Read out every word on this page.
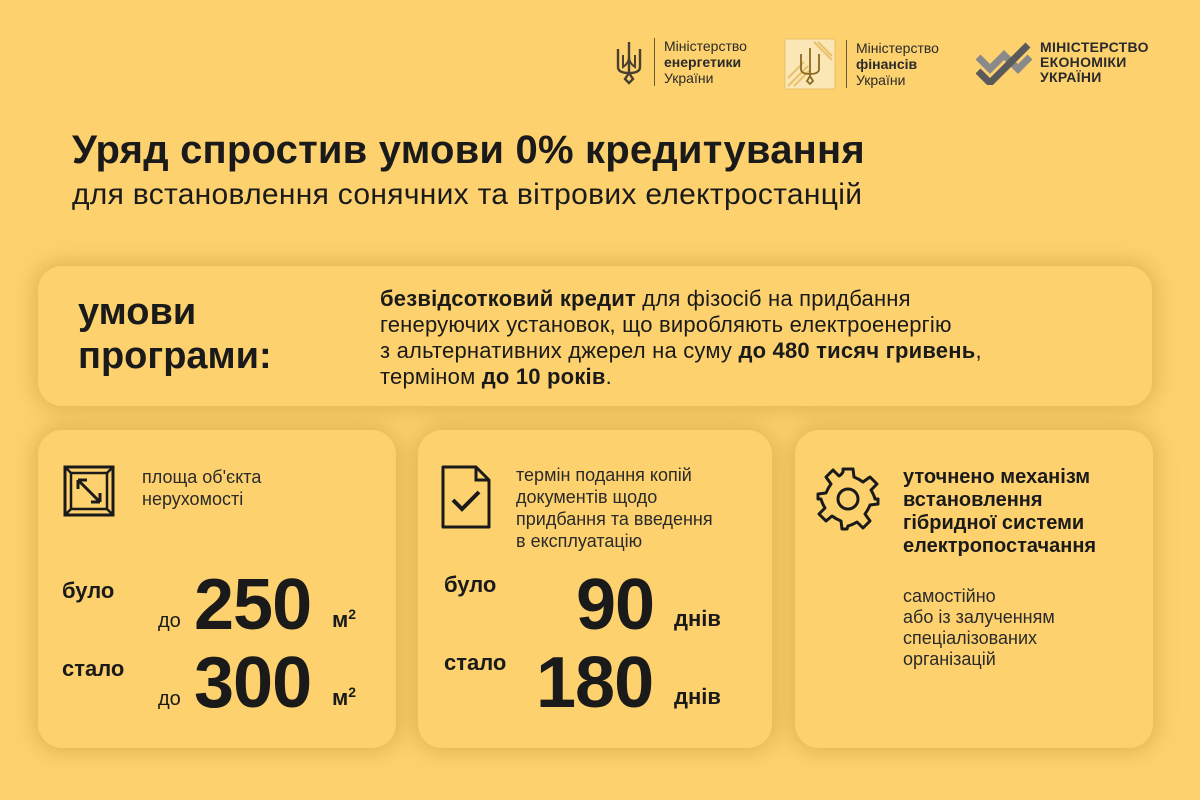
Міністерство
енергетики
України
Міністерство
фінансів
України
МІНІСТЕРСТВО
ЕКОНОМІКИ
УКРАЇНИ
Уряд спростив умови 0% кредитування
для встановлення сонячних та вітрових електростанцій
умови
програми:
безвідсотковий кредит для фізосіб на придбання
генеруючих установок, що виробляють електроенергію
з альтернативних джерел на суму до 480 тисяч гривень,
терміном до 10 років.
площа об'єкта
нерухомості
було
до 250 $м^2$
стало
до 300 $м^2$
термін подання копій
документів щодо
придбання та введення
в експлуатацію
було 90 днів
стало 180 днів
уточнено механізм
встановлення
гібридної системи
електропостачання
самостійно
або із залученням
спеціалізованих
організацій
